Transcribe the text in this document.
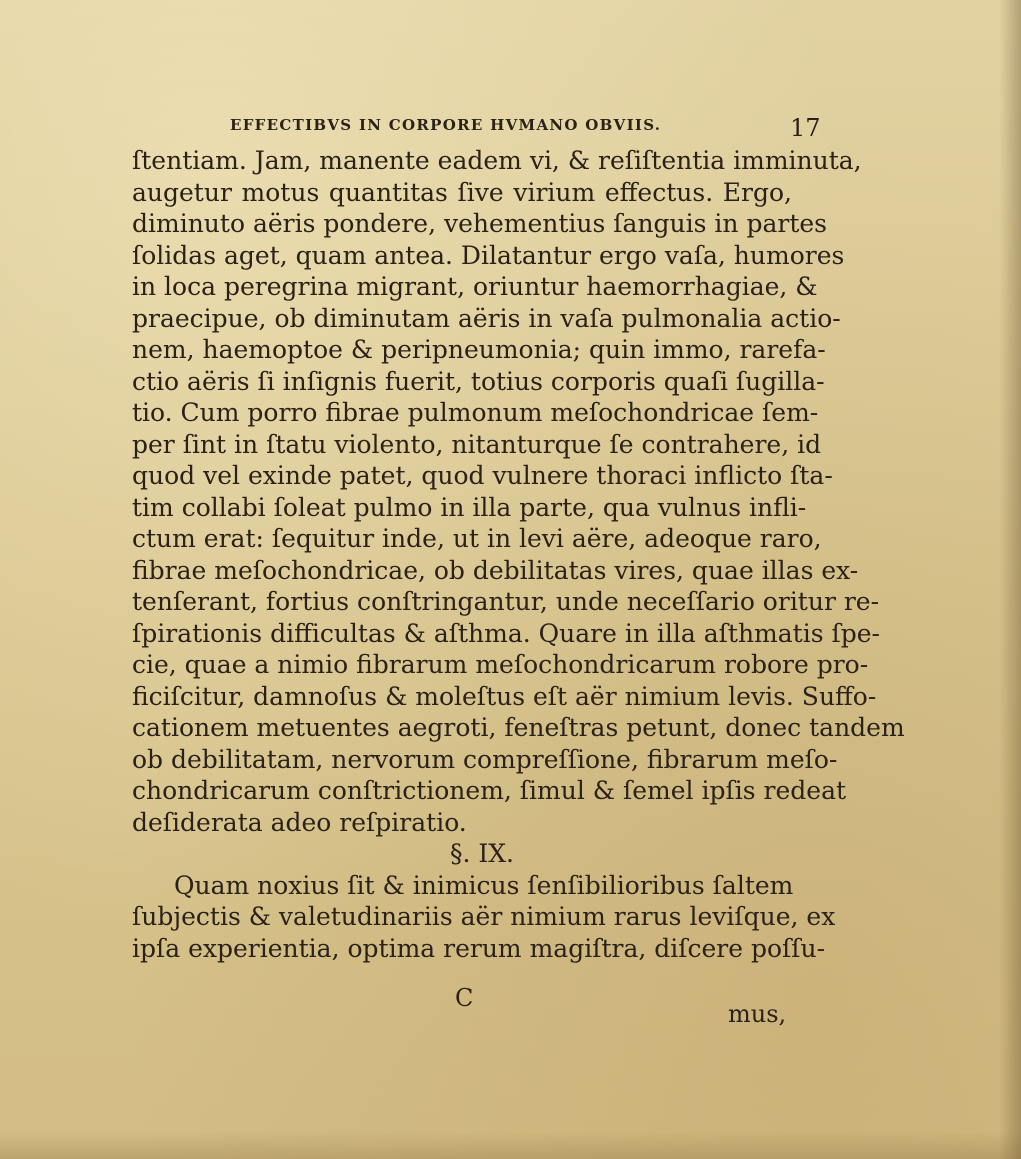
EFFECTIBVS IN CORPORE HVMANO OBVIIS.	17
ſtentiam. Jam, manente eadem vi, & reſiſtentia imminuta,
augetur motus quantitas ſive virium effectus. Ergo,
diminuto aëris pondere, vehementius ſanguis in partes
ſolidas aget, quam antea. Dilatantur ergo vaſa, humores
in loca peregrina migrant, oriuntur haemorrhagiae, &
praecipue, ob diminutam aëris in vaſa pulmonalia actio-
nem, haemoptoe & peripneumonia; quin immo, rarefa-
ctio aëris ſi inſignis fuerit, totius corporis quaſi ſugilla-
tio. Cum porro fibrae pulmonum meſochondricae ſem-
per ſint in ſtatu violento, nitanturque ſe contrahere, id
quod vel exinde patet, quod vulnere thoraci inflicto ſta-
tim collabi ſoleat pulmo in illa parte, qua vulnus infli-
ctum erat: ſequitur inde, ut in levi aëre, adeoque raro,
fibrae meſochondricae, ob debilitatas vires, quae illas ex-
tenſerant, fortius conſtringantur, unde neceſſario oritur re-
ſpirationis difficultas & aſthma. Quare in illa aſthmatis ſpe-
cie, quae a nimio fibrarum meſochondricarum robore pro-
ficiſcitur, damnoſus & moleſtus eſt aër nimium levis. Suffo-
cationem metuentes aegroti, feneſtras petunt, donec tandem
ob debilitatam, nervorum compreſſione, fibrarum meſo-
chondricarum conſtrictionem, ſimul & ſemel ipſis redeat
deſiderata adeo reſpiratio.
§. IX.
Quam noxius ſit & inimicus ſenſibilioribus ſaltem
ſubjectis & valetudinariis aër nimium rarus leviſque, ex
ipſa experientia, optima rerum magiſtra, diſcere poſſu-
C
mus,
